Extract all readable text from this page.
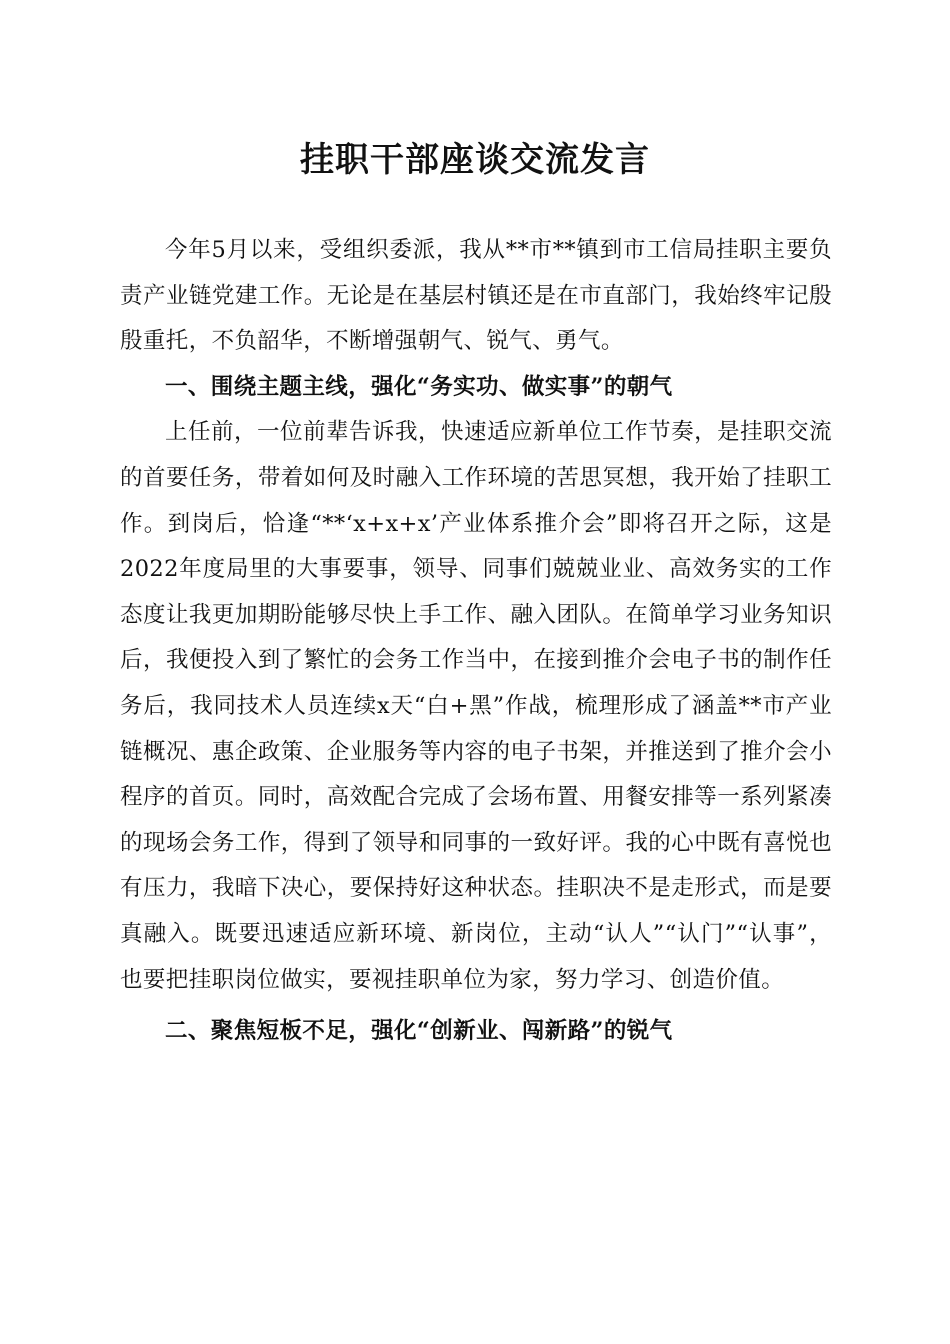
挂职干部座谈交流发言

今年5月以来，受组织委派，我从**市**镇到市工信局挂职主要负责产业链党建工作。无论是在基层村镇还是在市直部门，我始终牢记殷殷重托，不负韶华，不断增强朝气、锐气、勇气。

一、围绕主题主线，强化“务实功、做实事”的朝气

上任前，一位前辈告诉我，快速适应新单位工作节奏，是挂职交流的首要任务，带着如何及时融入工作环境的苦思冥想，我开始了挂职工作。到岗后，恰逢“**‘x+x+x’产业体系推介会”即将召开之际，这是2022年度局里的大事要事，领导、同事们兢兢业业、高效务实的工作态度让我更加期盼能够尽快上手工作、融入团队。在简单学习业务知识后，我便投入到了繁忙的会务工作当中，在接到推介会电子书的制作任务后，我同技术人员连续x天“白+黑”作战，梳理形成了涵盖**市产业链概况、惠企政策、企业服务等内容的电子书架，并推送到了推介会小程序的首页。同时，高效配合完成了会场布置、用餐安排等一系列紧凑的现场会务工作，得到了领导和同事的一致好评。我的心中既有喜悦也有压力，我暗下决心，要保持好这种状态。挂职决不是走形式，而是要真融入。既要迅速适应新环境、新岗位，主动“认人”“认门”“认事”，也要把挂职岗位做实，要视挂职单位为家，努力学习、创造价值。

二、聚焦短板不足，强化“创新业、闯新路”的锐气
